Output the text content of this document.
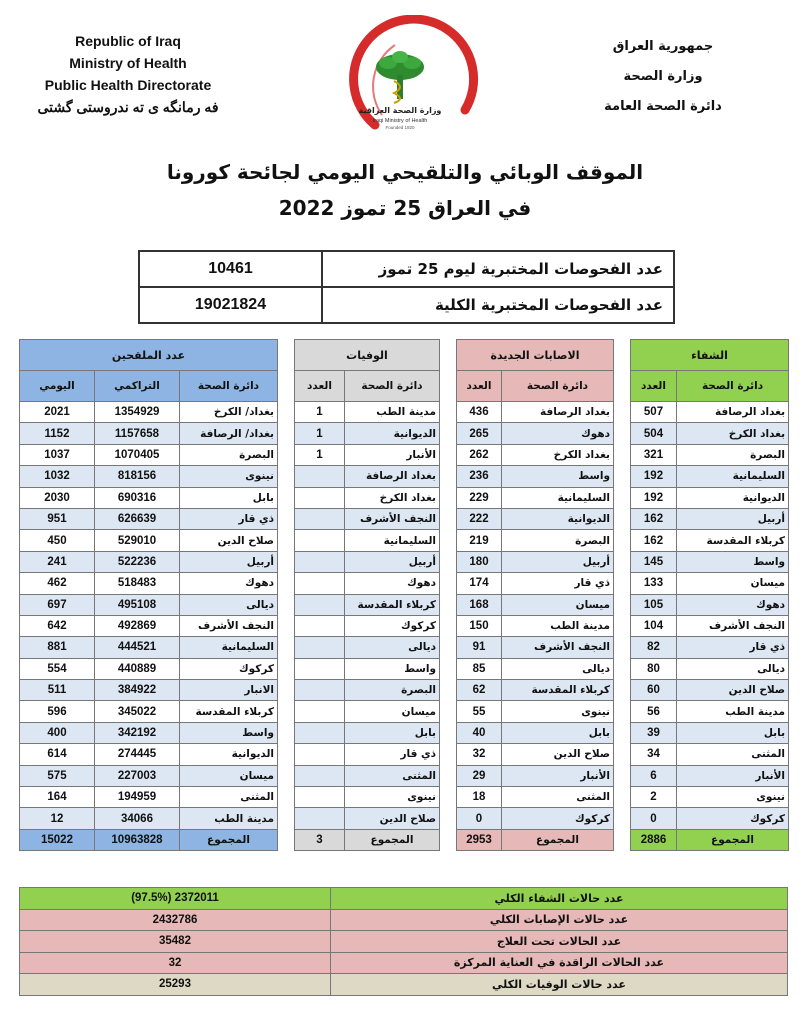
Republic of Iraq
Ministry of Health
Public Health Directorate
فه رمانگه ى ته ندروستى گشتى	وزارة الصحة العراقية
Iraqi Ministry of Health
Founded 1920
جمهورية العراق
وزارة الصحة
دائرة الصحة العامة
الموقف الوبائي والتلقيحي اليومي لجائحة كورونا
في العراق 25 تموز 2022
عدد الفحوصات المختبرية ليوم 25 تموز	10461
عدد الفحوصات المختبرية الكلية	19021824
الشفاء			الاصابات الجديدة			الوفيات			عدد الملقحين		
دائرة الصحة	العدد		دائرة الصحة	العدد		دائرة الصحة	العدد		دائرة الصحة	التراكمي	اليومي
بغداد الرصافة	507		بغداد الرصافة	436		مدينة الطب	1		بغداد/ الكرخ	1354929	2021
بغداد الكرخ	504		دهوك	265		الديوانية	1		بغداد/ الرصافة	1157658	1152
البصرة	321		بغداد الكرخ	262		الأنبار	1		البصرة	1070405	1037
السليمانية	192		واسط	236		بغداد الرصافة			نينوى	818156	1032
الديوانية	192		السليمانية	229		بغداد الكرخ			بابل	690316	2030
أربيل	162		الديوانية	222		النجف الأشرف			ذي قار	626639	951
كربلاء المقدسة	162		البصرة	219		السليمانية			صلاح الدين	529010	450
واسط	145		أربيل	180		أربيل			أربيل	522236	241
ميسان	133		ذي قار	174		دهوك			دهوك	518483	462
دهوك	105		ميسان	168		كربلاء المقدسة			ديالى	495108	697
النجف الأشرف	104		مدينة الطب	150		كركوك			النجف الأشرف	492869	642
ذي قار	82		النجف الأشرف	91		ديالى			السليمانية	444521	881
ديالى	80		ديالى	85		واسط			كركوك	440889	554
صلاح الدين	60		كربلاء المقدسة	62		البصرة			الانبار	384922	511
مدينة الطب	56		نينوى	55		ميسان			كربلاء المقدسة	345022	596
بابل	39		بابل	40		بابل			واسط	342192	400
المثنى	34		صلاح الدين	32		ذي قار			الديوانية	274445	614
الأنبار	6		الأنبار	29		المثنى			ميسان	227003	575
نينوى	2		المثنى	18		نينوى			المثنى	194959	164
كركوك	0		كركوك	0		صلاح الدين			مدينة الطب	34066	12
المجموع	2886		المجموع	2953		المجموع	3		المجموع	10963828	15022
عدد حالات الشفاء الكلي	2372011 (97.5%)
عدد حالات الإصابات الكلي	2432786
عدد الحالات تحت العلاج	35482
عدد الحالات الراقدة في العناية المركزة	32
عدد حالات الوفيات الكلي	25293
